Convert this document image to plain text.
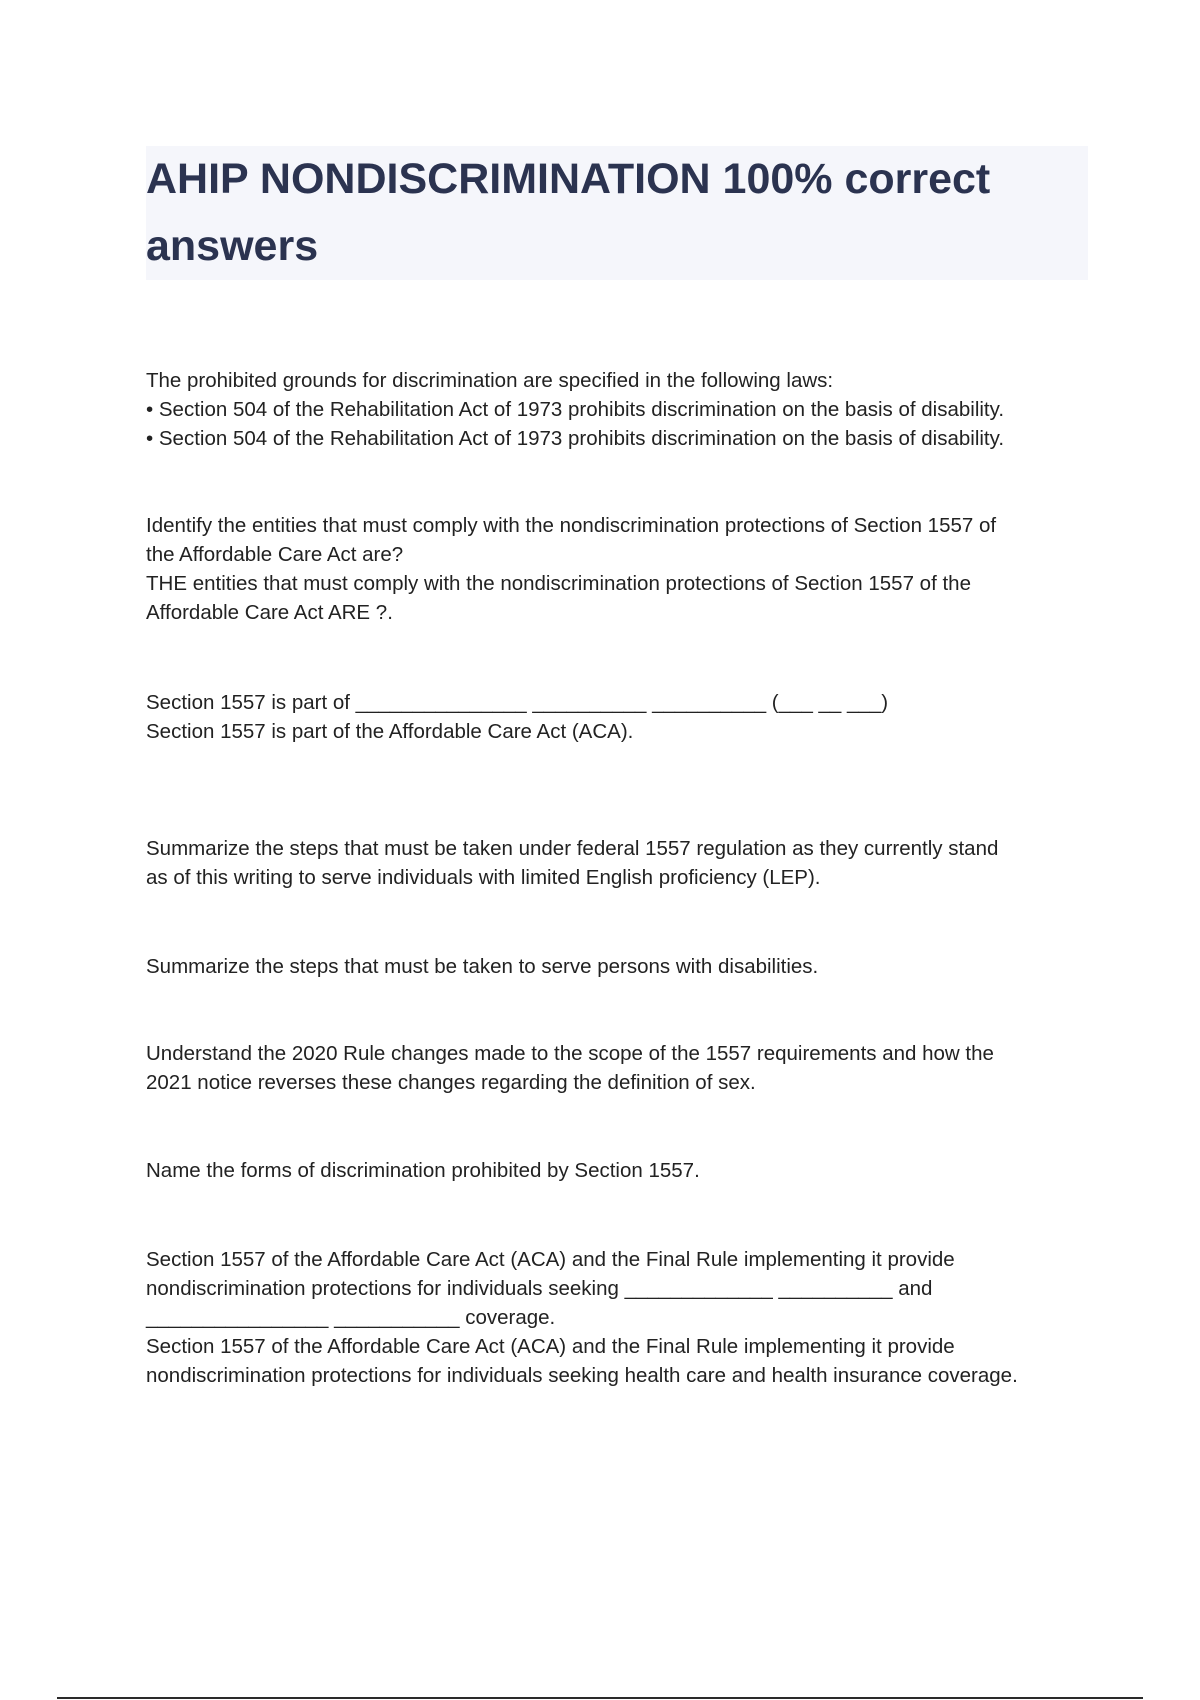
AHIP NONDISCRIMINATION 100% correct
answers

The prohibited grounds for discrimination are specified in the following laws:

• Section 504 of the Rehabilitation Act of 1973 prohibits discrimination on the basis of disability.

• Section 504 of the Rehabilitation Act of 1973 prohibits discrimination on the basis of disability.

Identify the entities that must comply with the nondiscrimination protections of Section 1557 of

the Affordable Care Act are?

THE entities that must comply with the nondiscrimination protections of Section 1557 of the

Affordable Care Act ARE ?.

Section 1557 is part of _______________ __________ __________ (___ __ ___)

Section 1557 is part of the Affordable Care Act (ACA).

Summarize the steps that must be taken under federal 1557 regulation as they currently stand

as of this writing to serve individuals with limited English proficiency (LEP).

Summarize the steps that must be taken to serve persons with disabilities.

Understand the 2020 Rule changes made to the scope of the 1557 requirements and how the

2021 notice reverses these changes regarding the definition of sex.

Name the forms of discrimination prohibited by Section 1557.

Section 1557 of the Affordable Care Act (ACA) and the Final Rule implementing it provide

nondiscrimination protections for individuals seeking _____________ __________ and

________________ ___________ coverage.

Section 1557 of the Affordable Care Act (ACA) and the Final Rule implementing it provide

nondiscrimination protections for individuals seeking health care and health insurance coverage.
